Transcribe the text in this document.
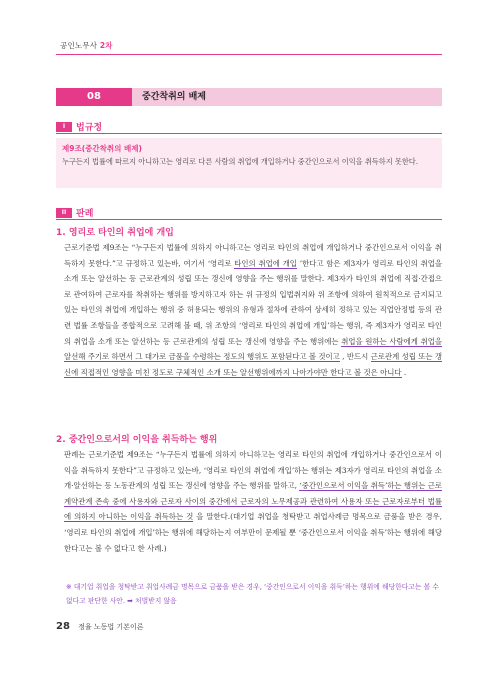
공인노무사 2차
08	중간착취의 배제
I	법규정
제9조(중간착취의 배제)
누구든지 법률에 따르지 아니하고는 영리로 다른 사람의 취업에 개입하거나 중간인으로서 이익을 취득하지 못한다.
II	판례
1. 영리로 타인의 취업에 개입
근로기준법 제9조는 “누구든지 법률에 의하지 아니하고는 영리로 타인의 취업에 개입하거나 중간인으로서 이익을 취득하지 못한다.”고 규정하고 있는바, 여기서 ‘영리로 타인의 취업에 개입 ’한다고 함은 제3자가 영리로 타인의 취업을 소개 또는 알선하는 등 근로관계의 성립 또는 갱신에 영향을 주는 행위를 말한다. 제3자가 타인의 취업에 직접·간접으로 관여하여 근로자를 착취하는 행위를 방지하고자 하는 위 규정의 입법취지와 위 조항에 의하여 원칙적으로 금지되고 있는 타인의 취업에 개입하는 행위 중 허용되는 행위의 유형과 절차에 관하여 상세히 정하고 있는 직업안정법 등의 관련 법률 조항들을 종합적으로 고려해 볼 때, 위 조항의 ‘영리로 타인의 취업에 개입’하는 행위, 즉 제3자가 영리로 타인의 취업을 소개 또는 알선하는 등 근로관계의 성립 또는 갱신에 영향을 주는 행위에는 취업을 원하는 사람에게 취업을 알선해 주기로 하면서 그 대가로 금품을 수령하는 정도의 행위도 포함된다고 볼 것이고 , 반드시 근로관계 성립 또는 갱신에 직접적인 영향을 미친 정도로 구체적인 소개 또는 알선행위에까지 나아가야만 한다고 볼 것은 아니다 .
2. 중간인으로서의 이익을 취득하는 행위
판례는 근로기준법 제9조는 “누구든지 법률에 의하지 아니하고는 영리로 타인의 취업에 개입하거나 중간인으로서 이익을 취득하지 못한다”고 규정하고 있는바, ‘영리로 타인의 취업에 개입’하는 행위는 제3자가 영리로 타인의 취업을 소개·알선하는 등 노동관계의 성립 또는 갱신에 영향을 주는 행위를 말하고, ‘중간인으로서 이익을 취득’하는 행위는 근로계약관계 존속 중에 사용자와 근로자 사이의 중간에서 근로자의 노무제공과 관련하여 사용자 또는 근로자로부터 법률에 의하지 아니하는 이익을 취득하는 것 을 말한다.(대기업 취업을 청탁받고 취업사례금 명목으로 금품을 받은 경우, ‘영리로 타인의 취업에 개입’하는 행위에 해당하는지 여부만이 문제될 뿐 ‘중간인으로서 이익을 취득’하는 행위에 해당한다고는 볼 수 없다고 한 사례.)
※ 대기업 취업을 청탁받고 취업사례금 명목으로 금품을 받은 경우, ‘중간인으로서 이익을 취득’하는 행위에 해당한다고는 볼 수 없다고 판단한 사안. ➡ 처벌받지 않음
28 정율 노동법 기본이론
